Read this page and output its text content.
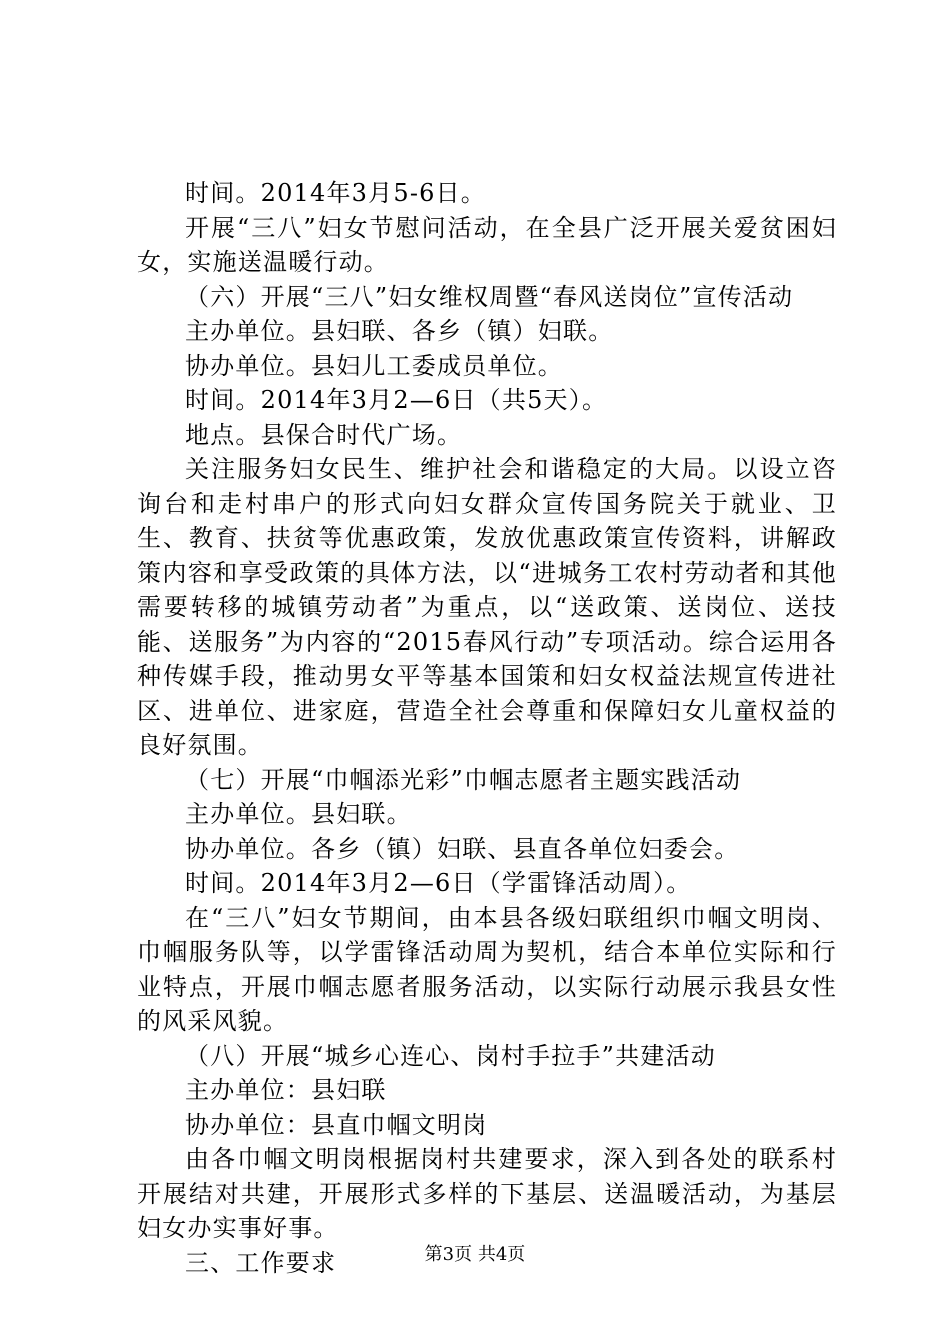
时间。2014年3月5-6日。

开展“三八”妇女节慰问活动，在全县广泛开展关爱贫困妇女，实施送温暖行动。

（六）开展“三八”妇女维权周暨“春风送岗位”宣传活动

主办单位。县妇联、各乡（镇）妇联。

协办单位。县妇儿工委成员单位。

时间。2014年3月2—6日（共5天）。

地点。县保合时代广场。

关注服务妇女民生、维护社会和谐稳定的大局。以设立咨询台和走村串户的形式向妇女群众宣传国务院关于就业、卫生、教育、扶贫等优惠政策，发放优惠政策宣传资料，讲解政策内容和享受政策的具体方法，以“进城务工农村劳动者和其他需要转移的城镇劳动者”为重点，以“送政策、送岗位、送技能、送服务”为内容的“2015春风行动”专项活动。综合运用各种传媒手段，推动男女平等基本国策和妇女权益法规宣传进社区、进单位、进家庭，营造全社会尊重和保障妇女儿童权益的良好氛围。

（七）开展“巾帼添光彩”巾帼志愿者主题实践活动

主办单位。县妇联。

协办单位。各乡（镇）妇联、县直各单位妇委会。

时间。2014年3月2—6日（学雷锋活动周）。

在“三八”妇女节期间，由本县各级妇联组织巾帼文明岗、巾帼服务队等，以学雷锋活动周为契机，结合本单位实际和行业特点，开展巾帼志愿者服务活动，以实际行动展示我县女性的风采风貌。

（八）开展“城乡心连心、岗村手拉手”共建活动

主办单位：县妇联

协办单位：县直巾帼文明岗

由各巾帼文明岗根据岗村共建要求，深入到各处的联系村开展结对共建，开展形式多样的下基层、送温暖活动，为基层妇女办实事好事。

三、工作要求	第3页 共4页
